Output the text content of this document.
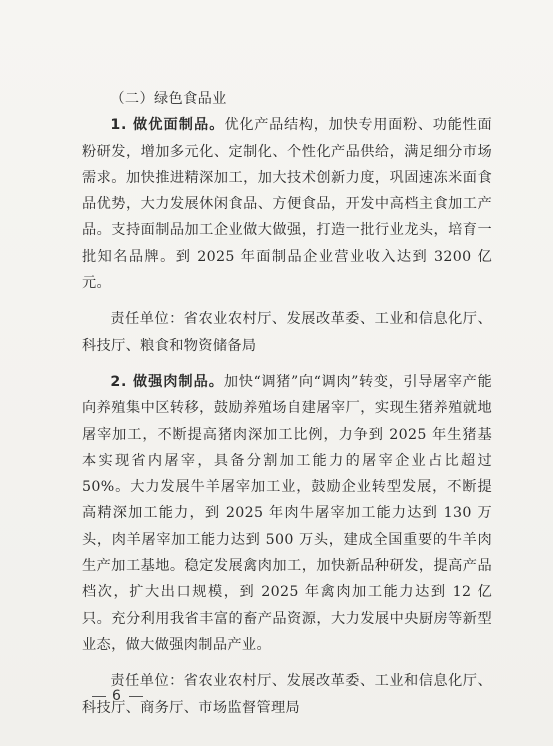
（二）绿色食品业

1. 做优面制品。优化产品结构，加快专用面粉、功能性面粉研发，增加多元化、定制化、个性化产品供给，满足细分市场需求。加快推进精深加工，加大技术创新力度，巩固速冻米面食品优势，大力发展休闲食品、方便食品，开发中高档主食加工产品。支持面制品加工企业做大做强，打造一批行业龙头，培育一批知名品牌。到 2025 年面制品企业营业收入达到 3200 亿元。

责任单位：省农业农村厅、发展改革委、工业和信息化厅、科技厅、粮食和物资储备局

2. 做强肉制品。加快“调猪”向“调肉”转变，引导屠宰产能向养殖集中区转移，鼓励养殖场自建屠宰厂，实现生猪养殖就地屠宰加工，不断提高猪肉深加工比例，力争到 2025 年生猪基本实现省内屠宰，具备分割加工能力的屠宰企业占比超过 50%。大力发展牛羊屠宰加工业，鼓励企业转型发展，不断提高精深加工能力，到 2025 年肉牛屠宰加工能力达到 130 万头，肉羊屠宰加工能力达到 500 万头，建成全国重要的牛羊肉生产加工基地。稳定发展禽肉加工，加快新品种研发，提高产品档次，扩大出口规模，到 2025 年禽肉加工能力达到 12 亿只。充分利用我省丰富的畜产品资源，大力发展中央厨房等新型业态，做大做强肉制品产业。

责任单位：省农业农村厅、发展改革委、工业和信息化厅、科技厅、商务厅、市场监督管理局

6
